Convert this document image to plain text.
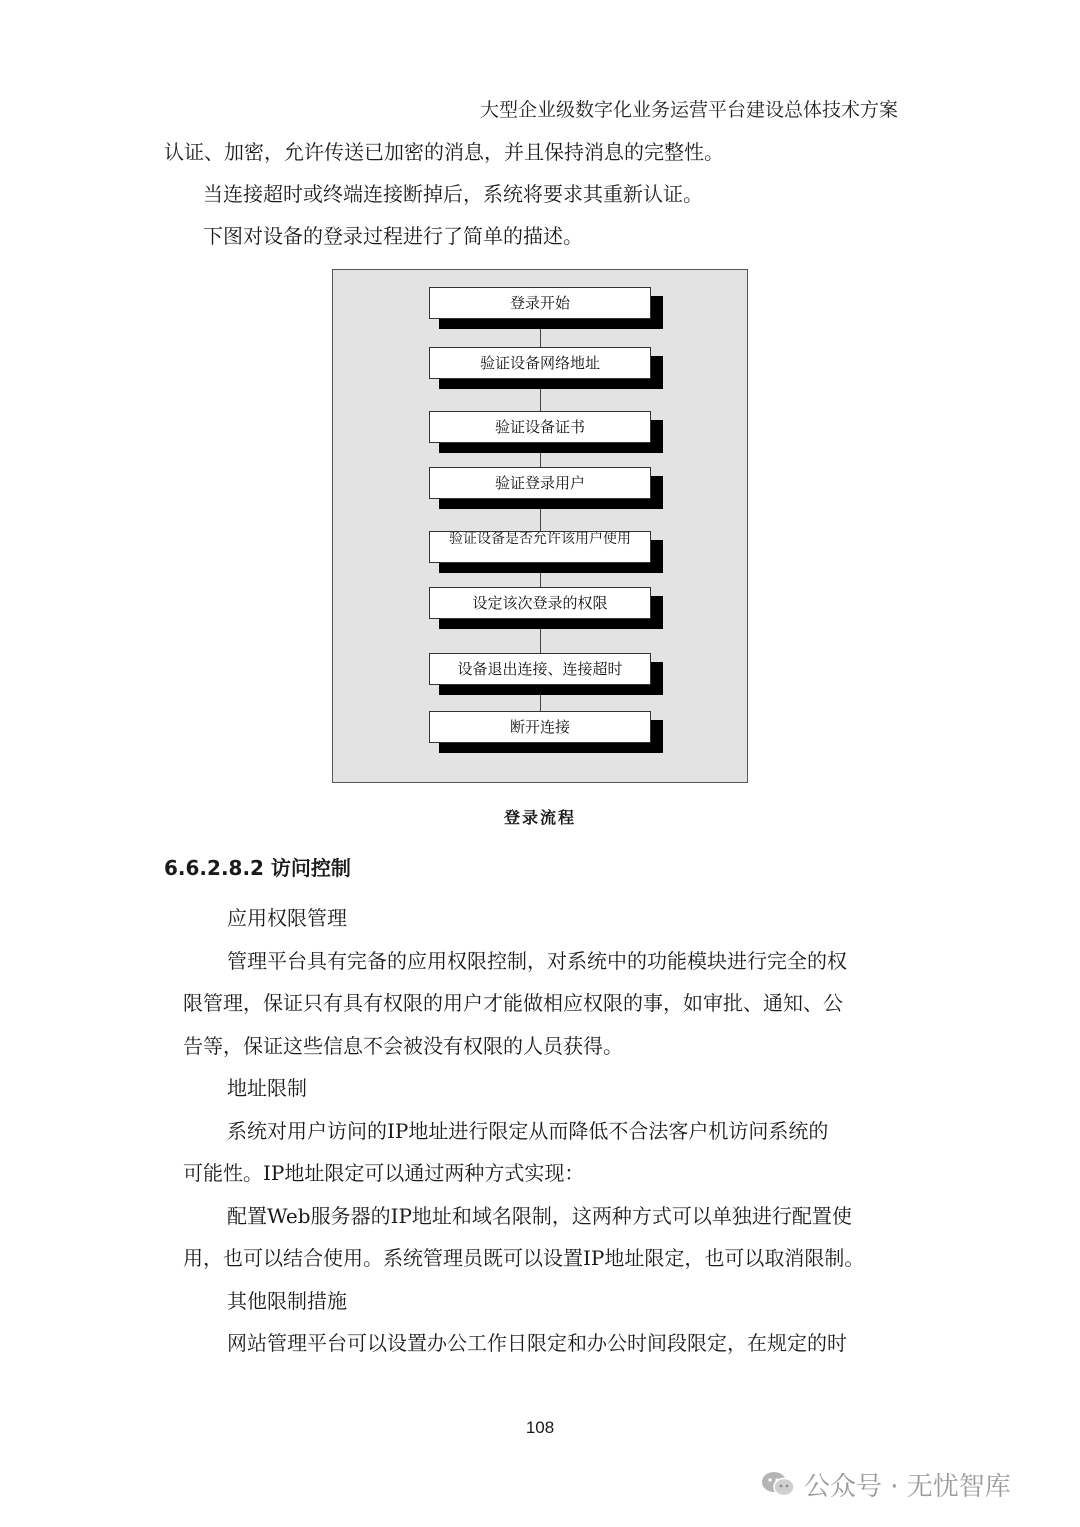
大型企业级数字化业务运营平台建设总体技术方案
认证、加密，允许传送已加密的消息，并且保持消息的完整性。
当连接超时或终端连接断掉后，系统将要求其重新认证。
下图对设备的登录过程进行了简单的描述。
登录开始
验证设备网络地址
验证设备证书
验证登录用户
验证设备是否允许该用户使用
设定该次登录的权限
设备退出连接、连接超时
断开连接
登录流程
6.6.2.8.2 访问控制
应用权限管理
管理平台具有完备的应用权限控制，对系统中的功能模块进行完全的权
限管理，保证只有具有权限的用户才能做相应权限的事，如审批、通知、公
告等，保证这些信息不会被没有权限的人员获得。
地址限制
系统对用户访问的IP地址进行限定从而降低不合法客户机访问系统的
可能性。IP地址限定可以通过两种方式实现：
配置Web服务器的IP地址和域名限制，这两种方式可以单独进行配置使
用，也可以结合使用。系统管理员既可以设置IP地址限定，也可以取消限制。
其他限制措施
网站管理平台可以设置办公工作日限定和办公时间段限定，在规定的时
108
公众号 · 无忧智库
